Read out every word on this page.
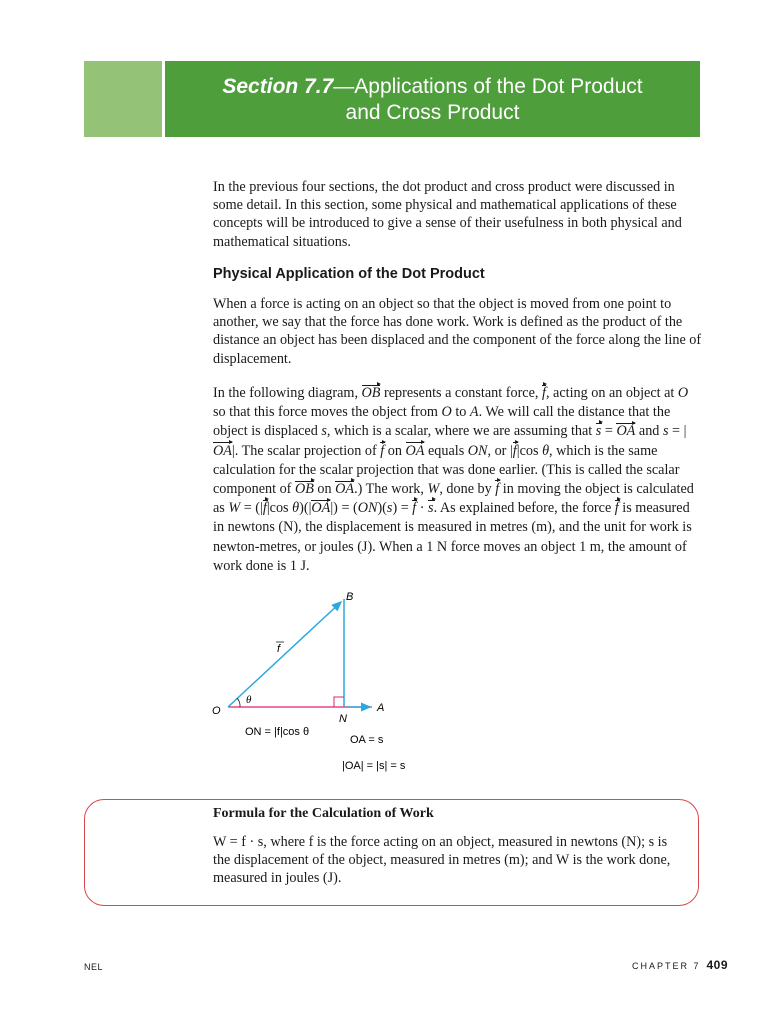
Section 7.7—Applications of the Dot Product
and Cross Product
In the previous four sections, the dot product and cross product were discussed in some detail. In this section, some physical and mathematical applications of these concepts will be introduced to give a sense of their usefulness in both physical and mathematical situations.
Physical Application of the Dot Product
When a force is acting on an object so that the object is moved from one point to another, we say that the force has done work. Work is defined as the product of the distance an object has been displaced and the component of the force along the line of displacement.
In the following diagram, OB represents a constant force, f, acting on an object at O so that this force moves the object from O to A. We will call the distance that the object is displaced s, which is a scalar, where we are assuming that s = OA and s = |OA|. The scalar projection of f on OA equals ON, or |f|cos θ, which is the same calculation for the scalar projection that was done earlier. (This is called the scalar component of OB on OA.) The work, W, done by f in moving the object is calculated as W = (|f|cos θ)(|OA|) = (ON)(s) = f · s. As explained before, the force f is measured in newtons (N), the displacement is measured in metres (m), and the unit for work is newton-metres, or joules (J). When a 1 N force moves an object 1 m, the amount of work done is 1 J.
θ
O	A
B
N
f
ON = |f|cos θ
OA = s
|OA| = |s| = s
Formula for the Calculation of Work
W = f · s, where f is the force acting on an object, measured in newtons (N); s is the displacement of the object, measured in metres (m); and W is the work done, measured in joules (J).
NEL	CHAPTER 7 409
